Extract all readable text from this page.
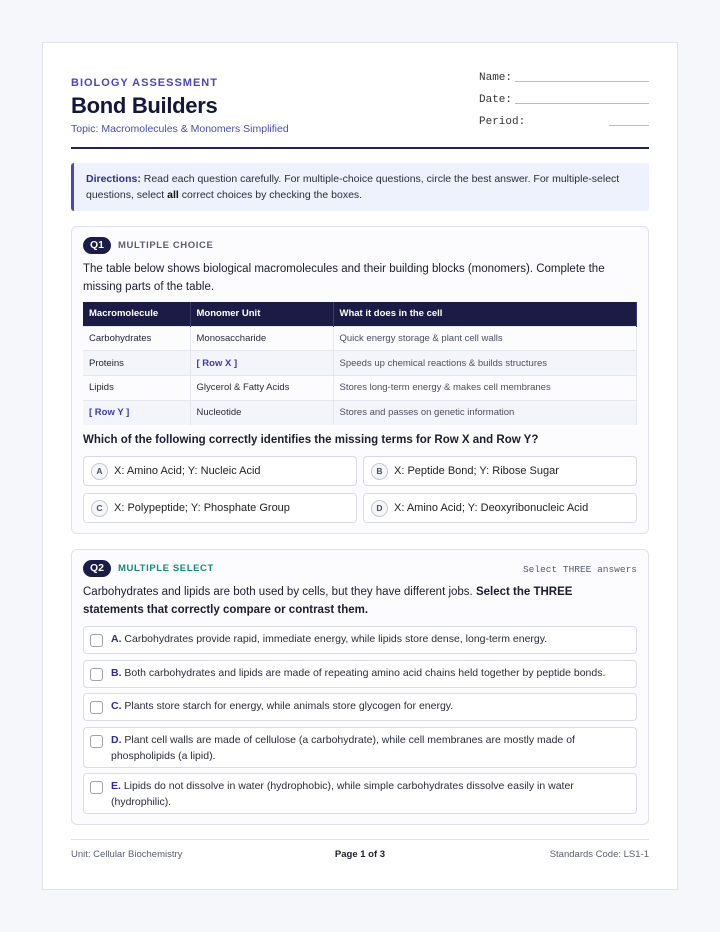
BIOLOGY ASSESSMENT
Bond Builders
Topic: Macromolecules & Monomers Simplified
Name:
Date:
Period:
Directions: Read each question carefully. For multiple-choice questions, circle the best answer. For multiple-select questions, select all correct choices by checking the boxes.
Q1	MULTIPLE CHOICE
The table below shows biological macromolecules and their building blocks (monomers). Complete the missing parts of the table.
Macromolecule	Monomer Unit	What it does in the cell
Carbohydrates	Monosaccharide	Quick energy storage & plant cell walls
Proteins	[ Row X ]	Speeds up chemical reactions & builds structures
Lipids	Glycerol & Fatty Acids	Stores long-term energy & makes cell membranes
[ Row Y ]	Nucleotide	Stores and passes on genetic information
Which of the following correctly identifies the missing terms for Row X and Row Y?
A	X: Amino Acid; Y: Nucleic Acid	B	X: Peptide Bond; Y: Ribose Sugar
C	X: Polypeptide; Y: Phosphate Group	D	X: Amino Acid; Y: Deoxyribonucleic Acid
Q2	MULTIPLE SELECT	Select THREE answers
Carbohydrates and lipids are both used by cells, but they have different jobs. Select the THREE statements that correctly compare or contrast them.
A. Carbohydrates provide rapid, immediate energy, while lipids store dense, long-term energy.
B. Both carbohydrates and lipids are made of repeating amino acid chains held together by peptide bonds.
C. Plants store starch for energy, while animals store glycogen for energy.
D. Plant cell walls are made of cellulose (a carbohydrate), while cell membranes are mostly made of phospholipids (a lipid).
E. Lipids do not dissolve in water (hydrophobic), while simple carbohydrates dissolve easily in water (hydrophilic).
Unit: Cellular Biochemistry	Page 1 of 3	Standards Code: LS1-1
